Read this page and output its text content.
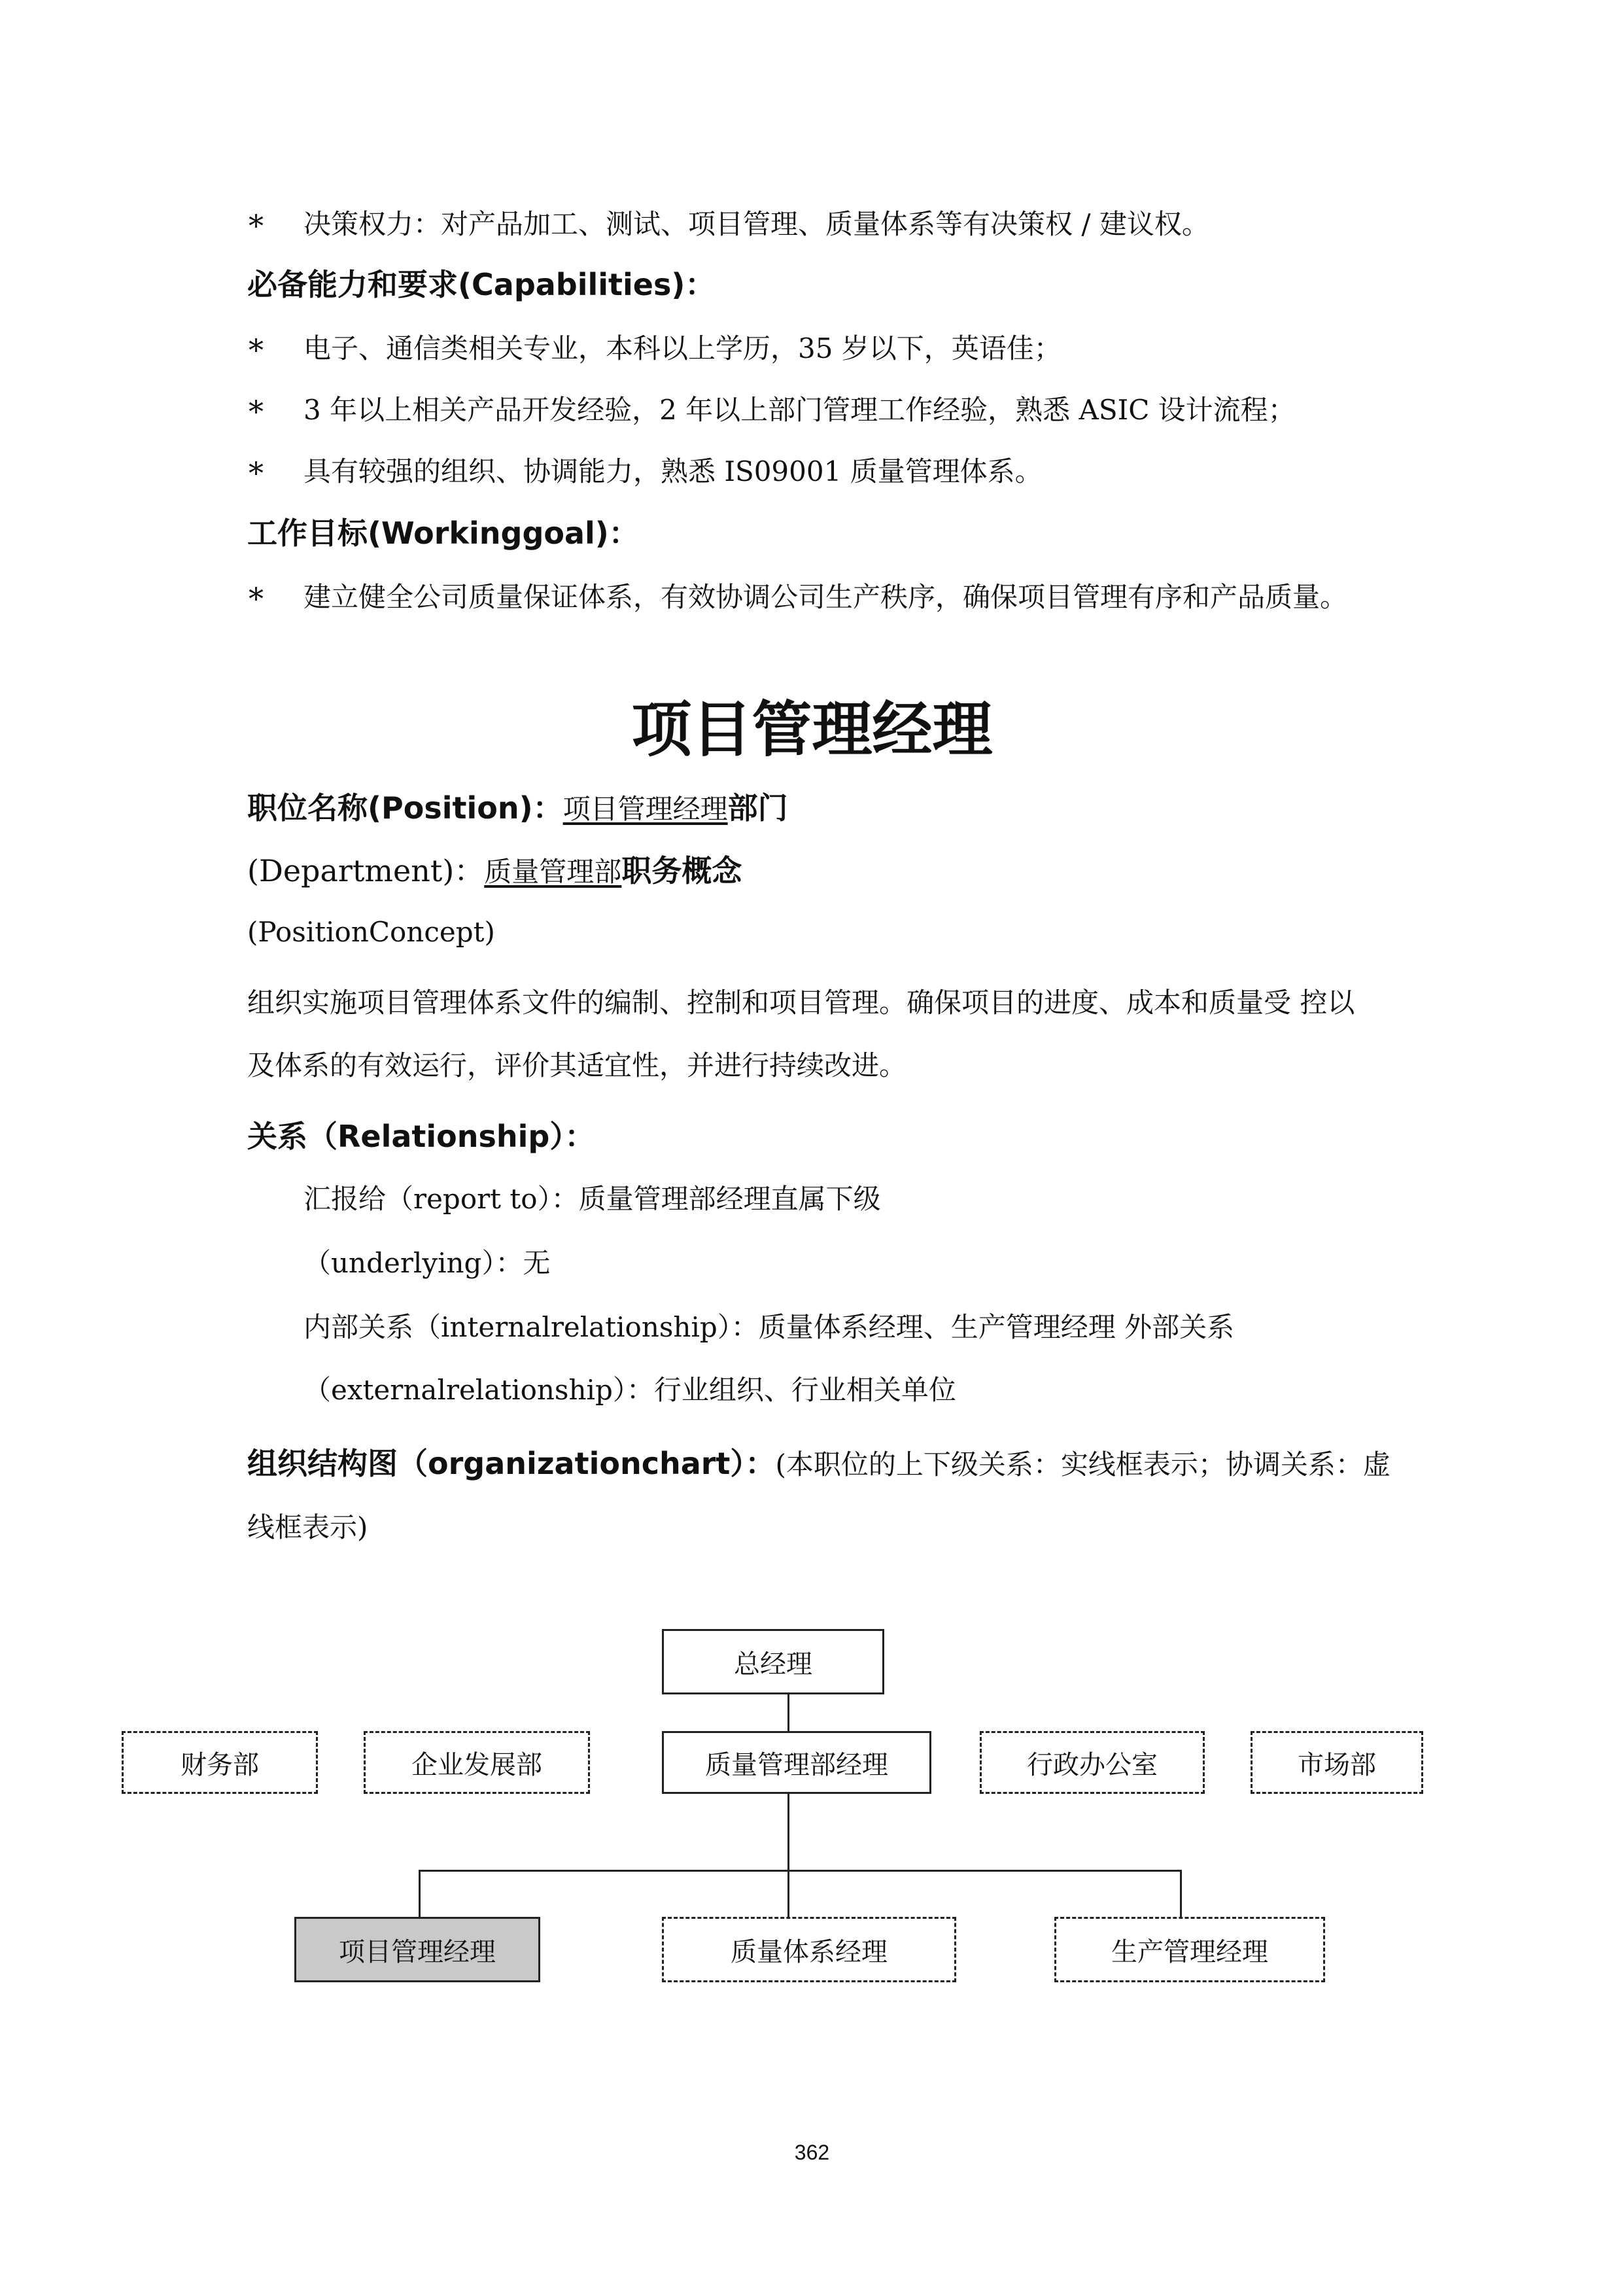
* 决策权力：对产品加工、测试、项目管理、质量体系等有决策权 / 建议权。
必备能力和要求(Capabilities)：
* 电子、通信类相关专业，本科以上学历，35 岁以下，英语佳；
* 3 年以上相关产品开发经验，2 年以上部门管理工作经验，熟悉 ASIC 设计流程；
* 具有较强的组织、协调能力，熟悉 IS09001 质量管理体系。
工作目标(Workinggoal)：
* 建立健全公司质量保证体系，有效协调公司生产秩序，确保项目管理有序和产品质量。
项目管理经理
职位名称(Position)：项目管理经理部门
(Department)：质量管理部职务概念
(PositionConcept)
组织实施项目管理体系文件的编制、控制和项目管理。确保项目的进度、成本和质量受 控以
及体系的有效运行，评价其适宜性，并进行持续改进。
关系（Relationship）：
汇报给（report to）：质量管理部经理直属下级
（underlying）：无
内部关系（internalrelationship）：质量体系经理、生产管理经理 外部关系
（externalrelationship）：行业组织、行业相关单位
组织结构图（organizationchart）：(本职位的上下级关系：实线框表示；协调关系：虚
线框表示)
总经理
财务部	企业发展部	质量管理部经理	行政办公室	市场部
项目管理经理	质量体系经理	生产管理经理
362
